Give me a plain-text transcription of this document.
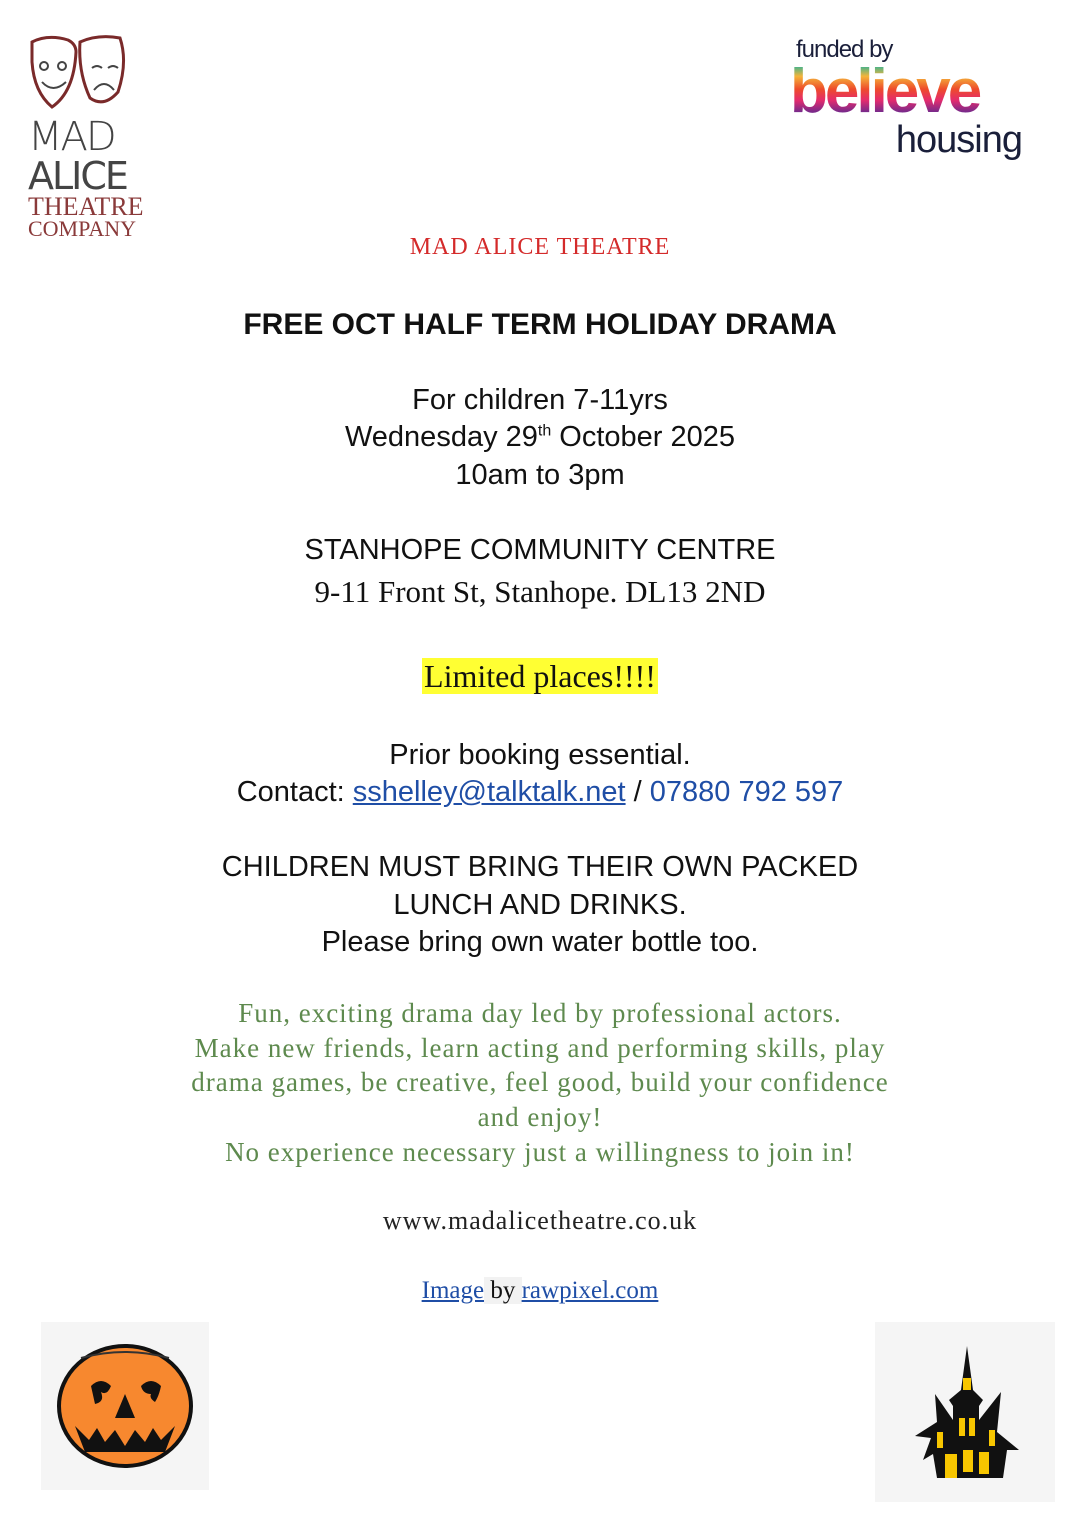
MAD
ALICE
THEATRE
COMPANY
funded by
believe
housing
MAD ALICE THEATRE
FREE OCT HALF TERM HOLIDAY DRAMA
For children 7-11yrs
Wednesday 29th October 2025
10am to 3pm
STANHOPE COMMUNITY CENTRE
9-11 Front St, Stanhope. DL13 2ND
Limited places!!!!
Prior booking essential.
Contact: sshelley@talktalk.net / 07880 792 597
CHILDREN MUST BRING THEIR OWN PACKED
LUNCH AND DRINKS.
Please bring own water bottle too.
Fun, exciting drama day led by professional actors.
Make new friends, learn acting and performing skills, play
drama games, be creative, feel good, build your confidence
and enjoy!
No experience necessary just a willingness to join in!
www.madalicetheatre.co.uk
Image by rawpixel.com
